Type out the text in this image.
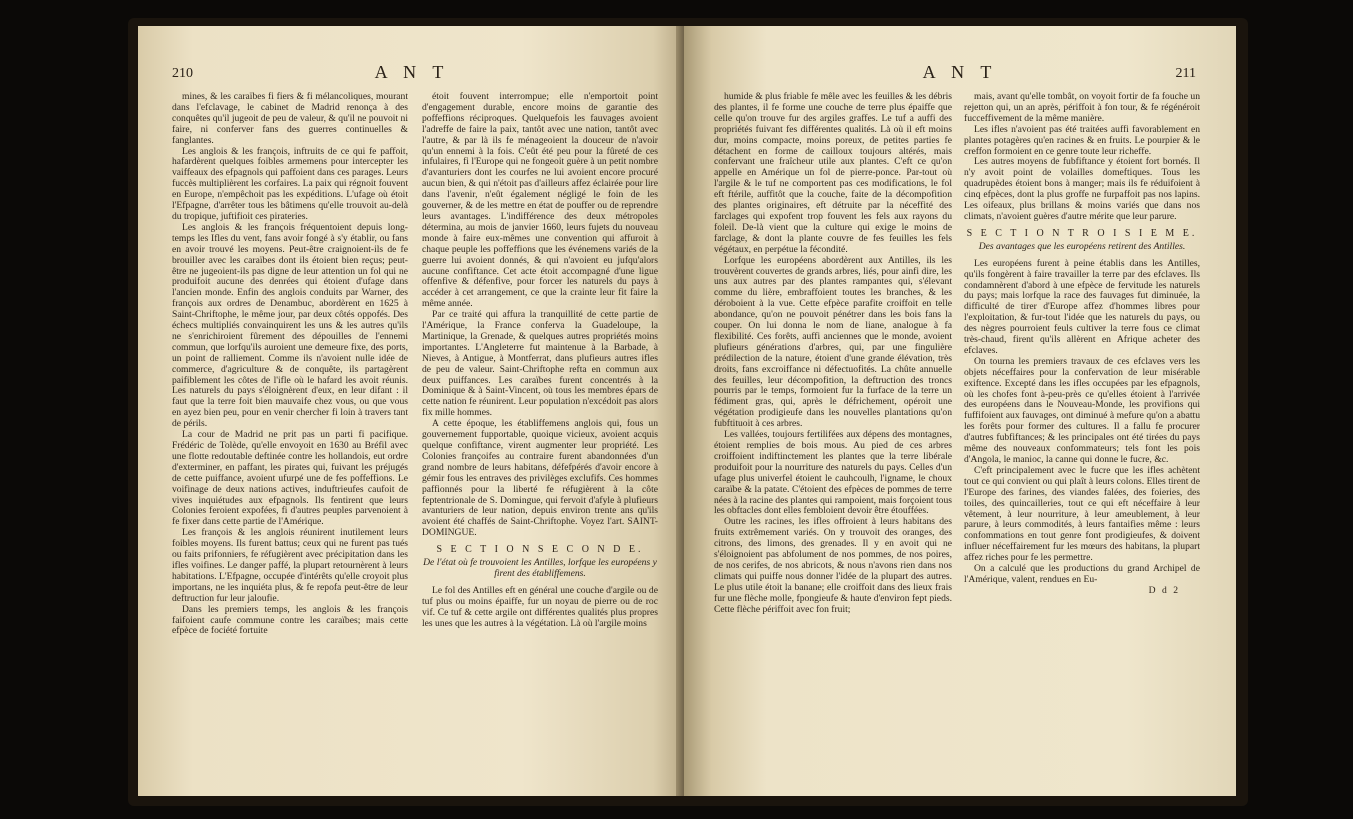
210	A N T

mines, & les caraïbes fi fiers & fi mélancoliques, mourant dans l'efclavage, le cabinet de Madrid renonça à des conquêtes qu'il jugeoit de peu de valeur, & qu'il ne pouvoit ni faire, ni conferver fans des guerres continuelles & fanglantes.

Les anglois & les françois, inftruits de ce qui fe paffoit, hafardèrent quelques foibles armemens pour intercepter les vaiffeaux des efpagnols qui paffoient dans ces parages. Leurs fuccès multiplièrent les corfaires. La paix qui régnoit fouvent en Europe, n'empêchoit pas les expéditions. L'ufage où étoit l'Efpagne, d'arrêter tous les bâtimens qu'elle trouvoit au-delà du tropique, juftifioit ces pirateries.

Les anglois & les françois fréquentoient depuis long-temps les Ifles du vent, fans avoir fongé à s'y établir, ou fans en avoir trouvé les moyens. Peut-être craignoient-ils de fe brouiller avec les caraïbes dont ils étoient bien reçus; peut-être ne jugeoient-ils pas digne de leur attention un fol qui ne produifoit aucune des denrées qui étoient d'ufage dans l'ancien monde. Enfin des anglois conduits par Warner, des françois aux ordres de Denambuc, abordèrent en 1625 à Saint-Chriftophe, le même jour, par deux côtés oppofés. Des échecs multipliés convainquirent les uns & les autres qu'ils ne s'enrichiroient fûrement des dépouilles de l'ennemi commun, que lorfqu'ils auroient une demeure fixe, des ports, un point de ralliement. Comme ils n'avoient nulle idée de commerce, d'agriculture & de conquête, ils partagèrent paifiblement les côtes de l'ifle où le hafard les avoit réunis. Les naturels du pays s'éloignèrent d'eux, en leur difant : il faut que la terre foit bien mauvaife chez vous, ou que vous en ayez bien peu, pour en venir chercher fi loin à travers tant de périls.

La cour de Madrid ne prit pas un parti fi pacifique. Frédéric de Tolède, qu'elle envoyoit en 1630 au Bréfil avec une flotte redoutable deftinée contre les hollandois, eut ordre d'exterminer, en paffant, les pirates qui, fuivant les préjugés de cette puiffance, avoient ufurpé une de fes poffeffions. Le voifinage de deux nations actives, induftrieufes caufoit de vives inquiétudes aux efpagnols. Ils fentirent que leurs Colonies feroient expofées, fi d'autres peuples parvenoient à fe fixer dans cette partie de l'Amérique.

Les françois & les anglois réunirent inutilement leurs foibles moyens. Ils furent battus; ceux qui ne furent pas tués ou faits prifonniers, fe réfugièrent avec précipitation dans les ifles voifines. Le danger paffé, la plupart retournèrent à leurs habitations. L'Efpagne, occupée d'intérêts qu'elle croyoit plus importans, ne les inquiéta plus, & fe repofa peut-être de leur deftruction fur leur jaloufie.

Dans les premiers temps, les anglois & les françois faifoient caufe commune contre les caraïbes; mais cette efpèce de fociété fortuite

étoit fouvent interrompue; elle n'emportoit point d'engagement durable, encore moins de garantie des poffeffions réciproques. Quelquefois les fauvages avoient l'adreffe de faire la paix, tantôt avec une nation, tantôt avec l'autre, & par là ils fe ménageoient la douceur de n'avoir qu'un ennemi à la fois. C'eût été peu pour la fûreté de ces infulaires, fi l'Europe qui ne fongeoit guère à un petit nombre d'avanturiers dont les courfes ne lui avoient encore procuré aucun bien, & qui n'étoit pas d'ailleurs affez éclairée pour lire dans l'avenir, n'eût également négligé le foin de les gouverner, & de les mettre en état de pouffer ou de reprendre leurs avantages. L'indifférence des deux métropoles détermina, au mois de janvier 1660, leurs fujets du nouveau monde à faire eux-mêmes une convention qui affuroit à chaque peuple les poffeffions que les événemens variés de la guerre lui avoient donnés, & qui n'avoient eu jufqu'alors aucune confiftance. Cet acte étoit accompagné d'une ligue offenfive & défenfive, pour forcer les naturels du pays à accéder à cet arrangement, ce que la crainte leur fit faire la même année.

Par ce traité qui affura la tranquillité de cette partie de l'Amérique, la France conferva la Guadeloupe, la Martinique, la Grenade, & quelques autres propriétés moins importantes. L'Angleterre fut maintenue à la Barbade, à Nieves, à Antigue, à Montferrat, dans plufieurs autres ifles de peu de valeur. Saint-Chriftophe refta en commun aux deux puiffances. Les caraïbes furent concentrés à la Dominique & à Saint-Vincent, où tous les membres épars de cette nation fe réunirent. Leur population n'excédoit pas alors fix mille hommes.

A cette époque, les établiffemens anglois qui, fous un gouvernement fupportable, quoique vicieux, avoient acquis quelque confiftance, virent augmenter leur propriété. Les Colonies françoifes au contraire furent abandonnées d'un grand nombre de leurs habitans, défefpérés d'avoir encore à gémir fous les entraves des privilèges exclufifs. Ces hommes paffionnés pour la liberté fe réfugièrent à la côte feptentrionale de S. Domingue, qui fervoit d'afyle à plufieurs avanturiers de leur nation, depuis environ trente ans qu'ils avoient été chaffés de Saint-Chriftophe. Voyez l'art. SAINT-DOMINGUE.

S E C T I O N S E C O N D E.

De l'état où fe trouvoient les Antilles, lorfque les européens y firent des établiffemens.

Le fol des Antilles eft en général une couche d'argile ou de tuf plus ou moins épaiffe, fur un noyau de pierre ou de roc vif. Ce tuf & cette argile ont différentes qualités plus propres les unes que les autres à la végétation. Là où l'argile moins

A N T	211

humide & plus friable fe mêle avec les feuilles & les débris des plantes, il fe forme une couche de terre plus épaiffe que celle qu'on trouve fur des argiles graffes. Le tuf a auffi des propriétés fuivant fes différentes qualités. Là où il eft moins dur, moins compacte, moins poreux, de petites parties fe détachent en forme de cailloux toujours altérés, mais confervant une fraîcheur utile aux plantes. C'eft ce qu'on appelle en Amérique un fol de pierre-ponce. Par-tout où l'argile & le tuf ne comportent pas ces modifications, le fol eft ftérile, auffitôt que la couche, faite de la décompofition des plantes originaires, eft détruite par la néceffité des farclages qui expofent trop fouvent les fels aux rayons du foleil. De-là vient que la culture qui exige le moins de farclage, & dont la plante couvre de fes feuilles les fels végétaux, en perpétue la fécondité.

Lorfque les européens abordèrent aux Antilles, ils les trouvèrent couvertes de grands arbres, liés, pour ainfi dire, les uns aux autres par des plantes rampantes qui, s'élevant comme du lière, embraffoient toutes les branches, & les déroboient à la vue. Cette efpèce parafite croiffoit en telle abondance, qu'on ne pouvoit pénétrer dans les bois fans la couper. On lui donna le nom de liane, analogue à fa flexibilité. Ces forêts, auffi anciennes que le monde, avoient plufieurs générations d'arbres, qui, par une fingulière prédilection de la nature, étoient d'une grande élévation, très droits, fans excroiffance ni défectuofités. La chûte annuelle des feuilles, leur décompofition, la deftruction des troncs pourris par le temps, formoient fur la furface de la terre un fédiment gras, qui, après le défrichement, opéroit une végétation prodigieufe dans les nouvelles plantations qu'on fubftituoit à ces arbres.

Les vallées, toujours fertilifées aux dépens des montagnes, étoient remplies de bois mous. Au pied de ces arbres croiffoient indiftinctement les plantes que la terre libérale produifoit pour la nourriture des naturels du pays. Celles d'un ufage plus univerfel étoient le cauhcoulh, l'igname, le choux caraïbe & la patate. C'étoient des efpèces de pommes de terre nées à la racine des plantes qui rampoient, mais forçoient tous les obftacles dont elles fembloient devoir être étouffées.

Outre les racines, les ifles offroient à leurs habitans des fruits extrêmement variés. On y trouvoit des oranges, des citrons, des limons, des grenades. Il y en avoit qui ne s'éloignoient pas abfolument de nos pommes, de nos poires, de nos cerifes, de nos abricots, & nous n'avons rien dans nos climats qui puiffe nous donner l'idée de la plupart des autres. Le plus utile étoit la banane; elle croiffoit dans des lieux frais fur une flèche molle, fpongieufe & haute d'environ fept pieds. Cette flèche périffoit avec fon fruit;

mais, avant qu'elle tombât, on voyoit fortir de fa fouche un rejetton qui, un an après, périffoit à fon tour, & fe régénéroit fucceffivement de la même manière.

Les ifles n'avoient pas été traitées auffi favorablement en plantes potagères qu'en racines & en fruits. Le pourpier & le creffon formoient en ce genre toute leur richeffe.

Les autres moyens de fubfiftance y étoient fort bornés. Il n'y avoit point de volailles domeftiques. Tous les quadrupèdes étoient bons à manger; mais ils fe réduifoient à cinq efpèces, dont la plus groffe ne furpaffoit pas nos lapins. Les oifeaux, plus brillans & moins variés que dans nos climats, n'avoient guères d'autre mérite que leur parure.

S E C T I O N T R O I S I E M E.

Des avantages que les européens retirent des Antilles.

Les européens furent à peine établis dans les Antilles, qu'ils fongèrent à faire travailler la terre par des efclaves. Ils condamnèrent d'abord à une efpèce de fervitude les naturels du pays; mais lorfque la race des fauvages fut diminuée, la difficulté de tirer d'Europe affez d'hommes libres pour l'exploitation, & fur-tout l'idée que les naturels du pays, ou des nègres pourroient feuls cultiver la terre fous ce climat très-chaud, firent qu'ils allèrent en Afrique acheter des efclaves.

On tourna les premiers travaux de ces efclaves vers les objets néceffaires pour la confervation de leur misérable exiftence. Excepté dans les ifles occupées par les efpagnols, où les chofes font à-peu-près ce qu'elles étoient à l'arrivée des européens dans le Nouveau-Monde, les provifions qui fuffifoient aux fauvages, ont diminué à mefure qu'on a abattu les forêts pour former des cultures. Il a fallu fe procurer d'autres fubfiftances; & les principales ont été tirées du pays même des nouveaux confommateurs; tels font les pois d'Angola, le manioc, la canne qui donne le fucre, &c.

C'eft principalement avec le fucre que les ifles achètent tout ce qui convient ou qui plaît à leurs colons. Elles tirent de l'Europe des farines, des viandes falées, des foieries, des toiles, des quincailleries, tout ce qui eft néceffaire à leur vêtement, à leur nourriture, à leur ameublement, à leur parure, à leurs commodités, à leurs fantaifies même : leurs confommations en tout genre font prodigieufes, & doivent influer néceffairement fur les mœurs des habitans, la plupart affez riches pour fe les permettre.

On a calculé que les productions du grand Archipel de l'Amérique, valent, rendues en Eu-

D d 2
